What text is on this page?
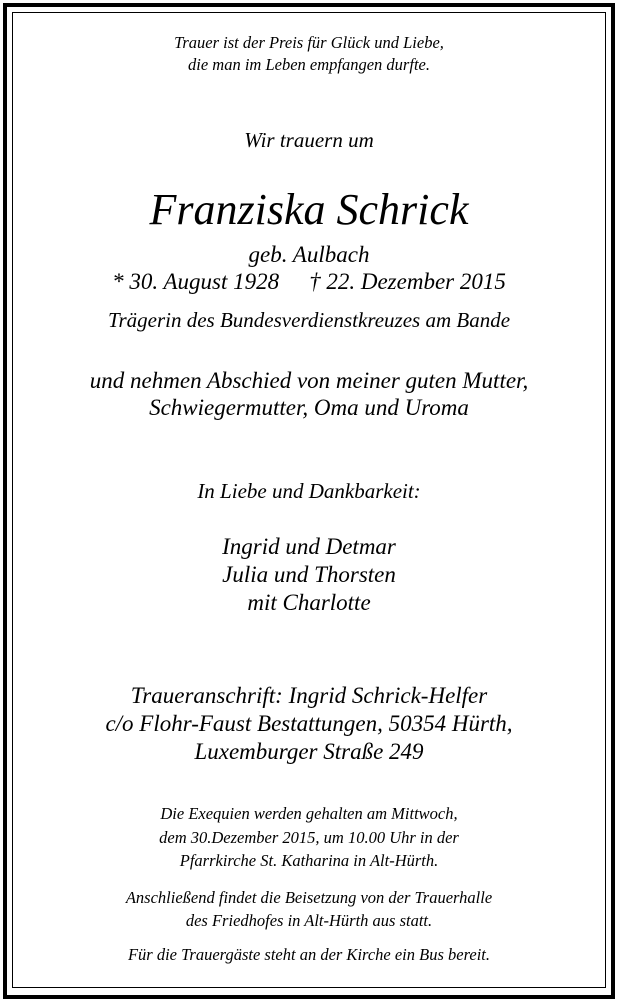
Trauer ist der Preis für Glück und Liebe,
die man im Leben empfangen durfte.
Wir trauern um
Franziska Schrick
geb. Aulbach
* 30. August 1928 † 22. Dezember 2015
Trägerin des Bundesverdienstkreuzes am Bande
und nehmen Abschied von meiner guten Mutter,
Schwiegermutter, Oma und Uroma
In Liebe und Dankbarkeit:
Ingrid und Detmar
Julia und Thorsten
mit Charlotte
Traueranschrift: Ingrid Schrick-Helfer
c/o Flohr-Faust Bestattungen, 50354 Hürth,
Luxemburger Straße 249
Die Exequien werden gehalten am Mittwoch,
dem 30.Dezember 2015, um 10.00 Uhr in der
Pfarrkirche St. Katharina in Alt-Hürth.
Anschließend findet die Beisetzung von der Trauerhalle
des Friedhofes in Alt-Hürth aus statt.
Für die Trauergäste steht an der Kirche ein Bus bereit.
